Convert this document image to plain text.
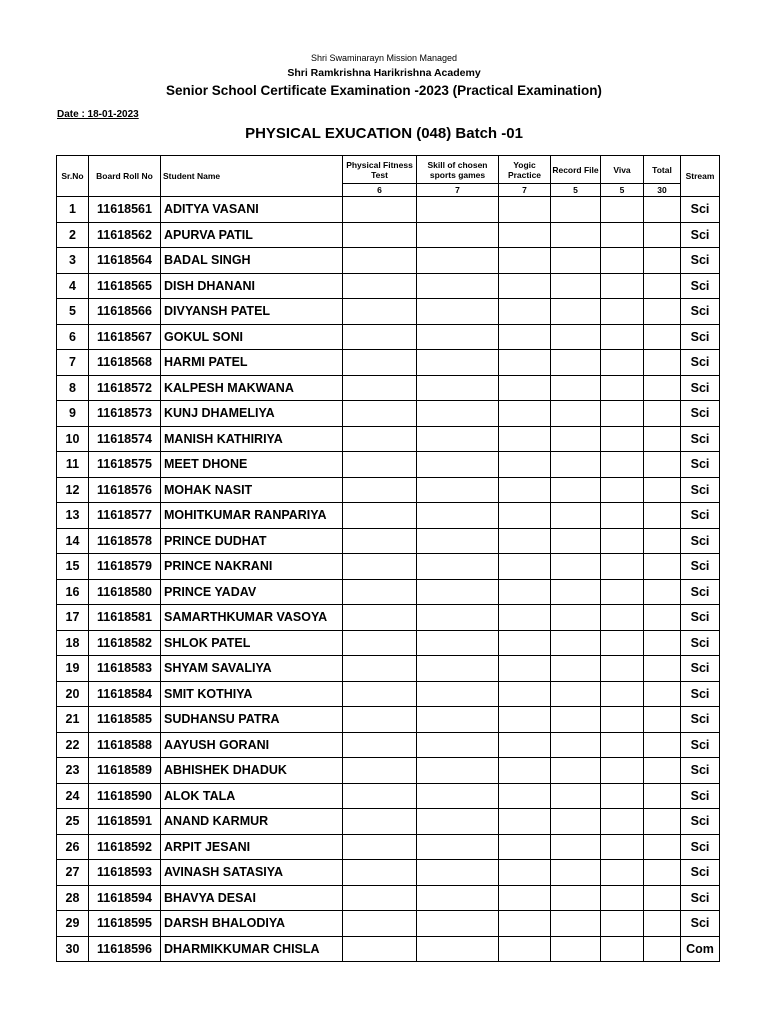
Shri Swaminarayn Mission Managed
Shri Ramkrishna Harikrishna Academy
Senior School Certificate Examination -2023 (Practical Examination)
Date : 18-01-2023
PHYSICAL EXUCATION (048) Batch -01
Sr.No	Board Roll No	Student Name	Physical Fitness Test	Skill of chosen sports games	Yogic Practice	Record File	Viva	Total	Stream
			6	7	7	5	5	30	
1	11618561	ADITYA VASANI							Sci
2	11618562	APURVA PATIL							Sci
3	11618564	BADAL SINGH							Sci
4	11618565	DISH DHANANI							Sci
5	11618566	DIVYANSH PATEL							Sci
6	11618567	GOKUL SONI							Sci
7	11618568	HARMI PATEL							Sci
8	11618572	KALPESH MAKWANA							Sci
9	11618573	KUNJ DHAMELIYA							Sci
10	11618574	MANISH KATHIRIYA							Sci
11	11618575	MEET DHONE							Sci
12	11618576	MOHAK NASIT							Sci
13	11618577	MOHITKUMAR RANPARIYA							Sci
14	11618578	PRINCE DUDHAT							Sci
15	11618579	PRINCE NAKRANI							Sci
16	11618580	PRINCE YADAV							Sci
17	11618581	SAMARTHKUMAR VASOYA							Sci
18	11618582	SHLOK PATEL							Sci
19	11618583	SHYAM SAVALIYA							Sci
20	11618584	SMIT KOTHIYA							Sci
21	11618585	SUDHANSU PATRA							Sci
22	11618588	AAYUSH GORANI							Sci
23	11618589	ABHISHEK DHADUK							Sci
24	11618590	ALOK TALA							Sci
25	11618591	ANAND KARMUR							Sci
26	11618592	ARPIT JESANI							Sci
27	11618593	AVINASH SATASIYA							Sci
28	11618594	BHAVYA DESAI							Sci
29	11618595	DARSH BHALODIYA							Sci
30	11618596	DHARMIKKUMAR CHISLA							Com
